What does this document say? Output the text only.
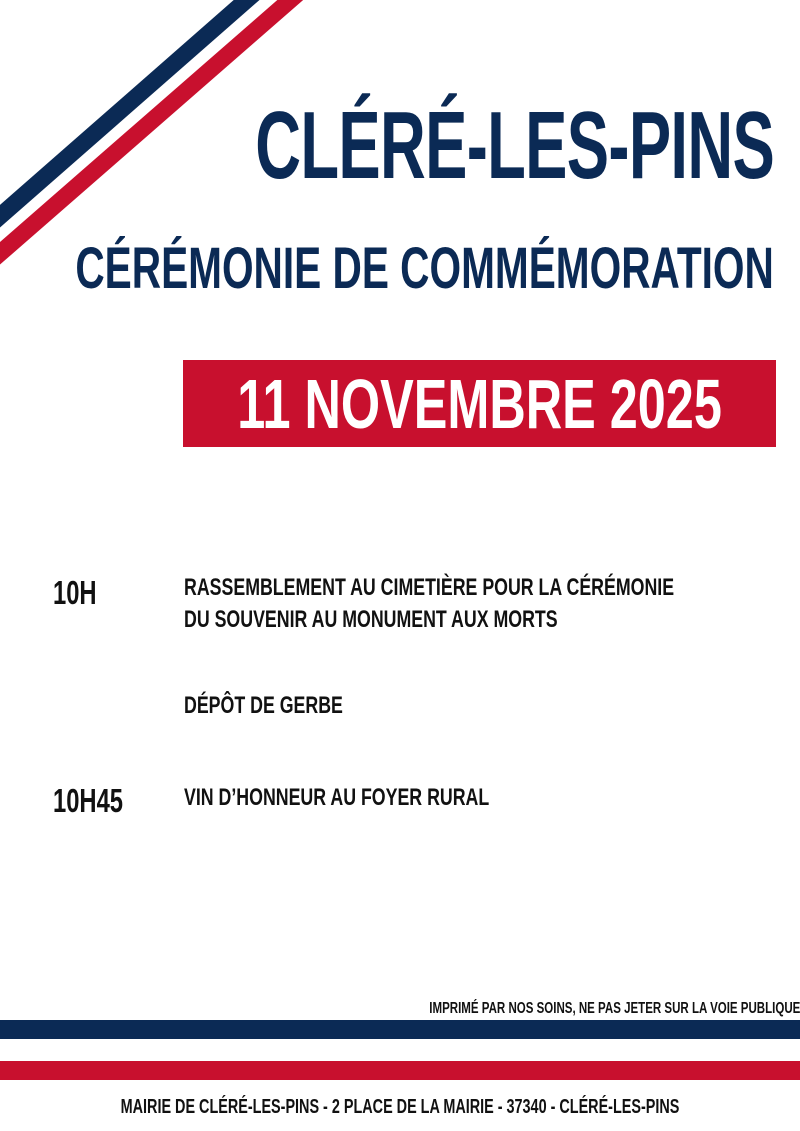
CLÉRÉ-LES-PINS
CÉRÉMONIE DE COMMÉMORATION
11 NOVEMBRE 2025

10H	RASSEMBLEMENT AU CIMETIÈRE POUR LA CÉRÉMONIE

DU SOUVENIR AU MONUMENT AUX MORTS

DÉPÔT DE GERBE

10H45	VIN D’HONNEUR AU FOYER RURAL

IMPRIMÉ PAR NOS SOINS, NE PAS JETER SUR LA VOIE PUBLIQUE

MAIRIE DE CLÉRÉ-LES-PINS - 2 PLACE DE LA MAIRIE - 37340 - CLÉRÉ-LES-PINS
